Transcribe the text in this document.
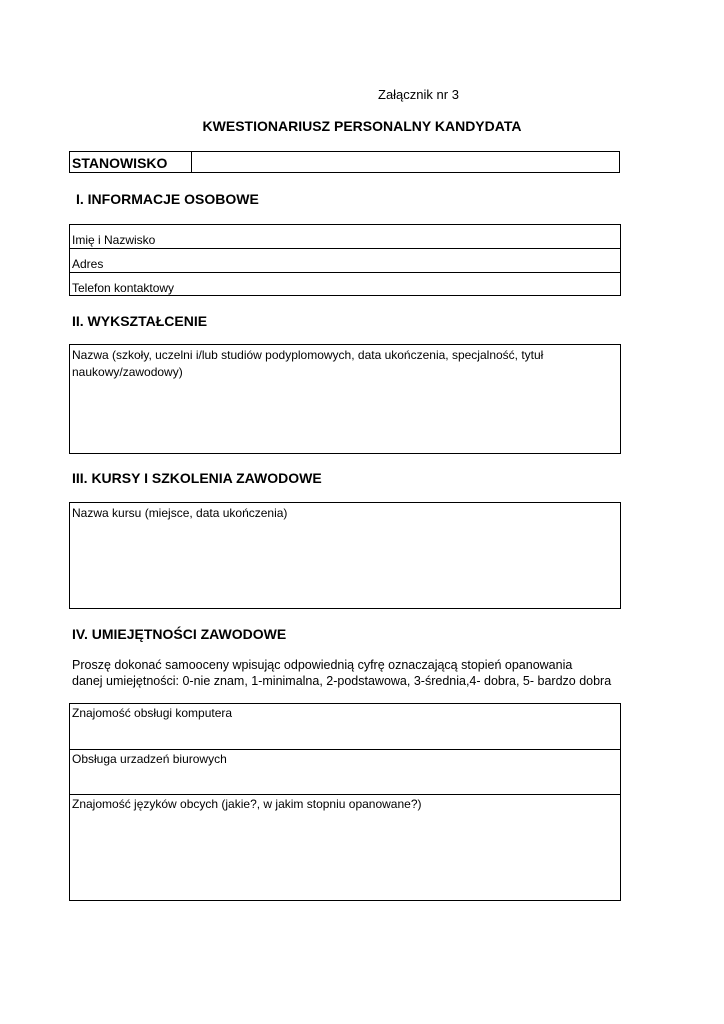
Załącznik nr 3
KWESTIONARIUSZ PERSONALNY KANDYDATA
STANOWISKO
I. INFORMACJE OSOBOWE
Imię i Nazwisko
Adres
Telefon kontaktowy
II. WYKSZTAŁCENIE
Nazwa (szkoły, uczelni i/lub studiów podyplomowych, data ukończenia, specjalność, tytuł naukowy/zawodowy)
III. KURSY I SZKOLENIA ZAWODOWE
Nazwa kursu (miejsce, data ukończenia)
IV. UMIEJĘTNOŚCI ZAWODOWE
Proszę dokonać samooceny wpisując odpowiednią cyfrę oznaczającą stopień opanowania
danej umiejętności: 0-nie znam, 1-minimalna, 2-podstawowa, 3-średnia,4- dobra, 5- bardzo dobra
Znajomość obsługi komputera
Obsługa urzadzeń biurowych
Znajomość języków obcych (jakie?, w jakim stopniu opanowane?)
